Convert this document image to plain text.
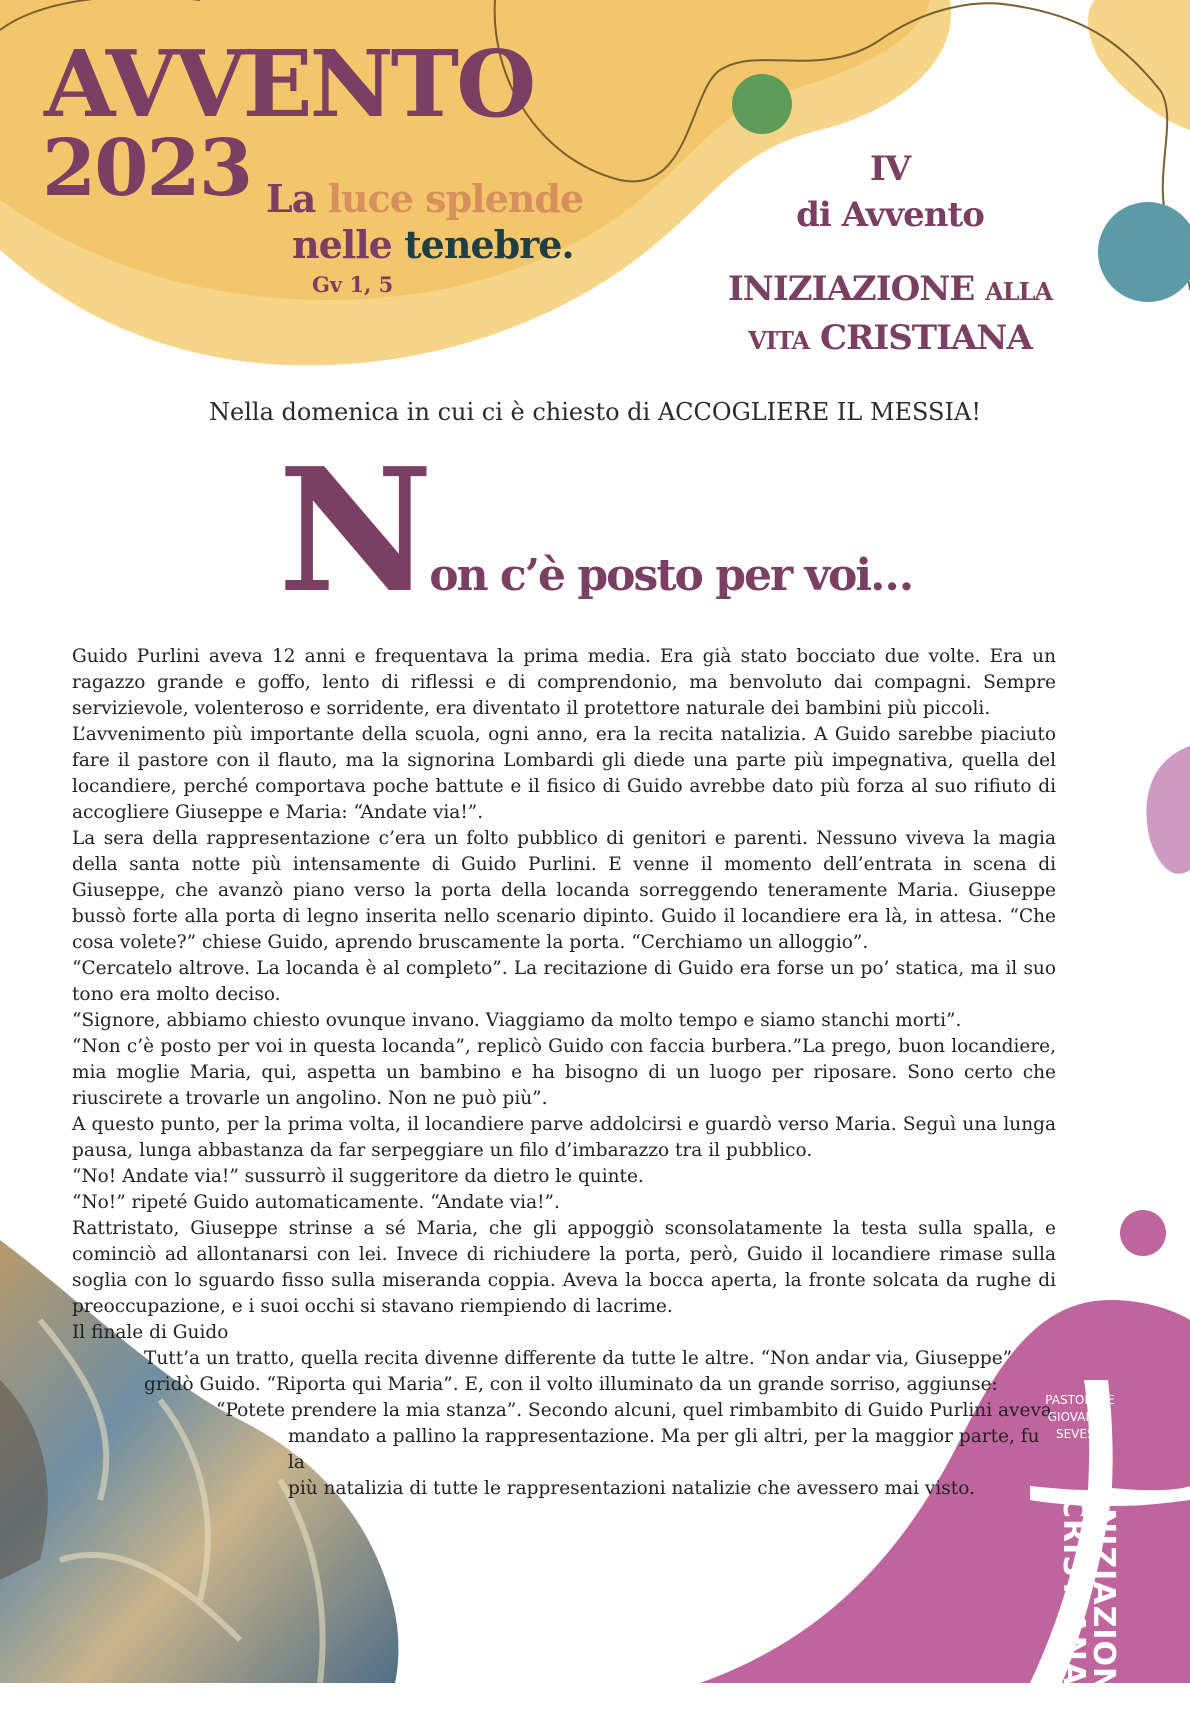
AVVENTO
2023 La luce splende
nelle tenebre.
Gv 1, 5
IV
di Avvento
INIZIAZIONE ALLA
VITA CRISTIANA
Nella domenica in cui ci è chiesto di ACCOGLIERE IL MESSIA!
Non c’è posto per voi…

Guido Purlini aveva 12 anni e frequentava la prima media. Era già stato bocciato due volte. Era un ragazzo grande e goffo, lento di riflessi e di comprendonio, ma benvoluto dai compagni. Sempre servizievole, volenteroso e sorridente, era diventato il protettore naturale dei bambini più piccoli.

L’avvenimento più importante della scuola, ogni anno, era la recita natalizia. A Guido sarebbe piaciuto fare il pastore con il flauto, ma la signorina Lombardi gli diede una parte più impegnativa, quella del locandiere, perché comportava poche battute e il fisico di Guido avrebbe dato più forza al suo rifiuto di accogliere Giuseppe e Maria: “Andate via!”.

La sera della rappresentazione c’era un folto pubblico di genitori e parenti. Nessuno viveva la magia della santa notte più intensamente di Guido Purlini. E venne il momento dell’entrata in scena di Giuseppe, che avanzò piano verso la porta della locanda sorreggendo teneramente Maria. Giuseppe bussò forte alla porta di legno inserita nello scenario dipinto. Guido il locandiere era là, in attesa. “Che cosa volete?” chiese Guido, aprendo bruscamente la porta. “Cerchiamo un alloggio”.

“Cercatelo altrove. La locanda è al completo”. La recitazione di Guido era forse un po’ statica, ma il suo tono era molto deciso.

“Signore, abbiamo chiesto ovunque invano. Viaggiamo da molto tempo e siamo stanchi morti”.

“Non c’è posto per voi in questa locanda”, replicò Guido con faccia burbera.”La prego, buon locandiere, mia moglie Maria, qui, aspetta un bambino e ha bisogno di un luogo per riposare. Sono certo che riuscirete a trovarle un angolino. Non ne può più”.

A questo punto, per la prima volta, il locandiere parve addolcirsi e guardò verso Maria. Seguì una lunga pausa, lunga abbastanza da far serpeggiare un filo d’imbarazzo tra il pubblico.

“No! Andate via!” sussurrò il suggeritore da dietro le quinte.

“No!” ripeté Guido automaticamente. “Andate via!”.

Rattristato, Giuseppe strinse a sé Maria, che gli appoggiò sconsolatamente la testa sulla spalla, e cominciò ad allontanarsi con lei. Invece di richiudere la porta, però, Guido il locandiere rimase sulla soglia con lo sguardo fisso sulla miseranda coppia. Aveva la bocca aperta, la fronte solcata da rughe di preoccupazione, e i suoi occhi si stavano riempiendo di lacrime.

Il finale di Guido

Tutt’a un tratto, quella recita divenne differente da tutte le altre. “Non andar via, Giuseppe”

gridò Guido. “Riporta qui Maria”. E, con il volto illuminato da un grande sorriso, aggiunse:

“Potete prendere la mia stanza”. Secondo alcuni, quel rimbambito di Guido Purlini aveva

mandato a pallino la rappresentazione. Ma per gli altri, per la maggior parte, fu la

più natalizia di tutte le rappresentazioni natalizie che avessero mai visto.

PASTORALE
GIOVANILE
SEVESO
INIZIAZIONE
CRISTIANA
